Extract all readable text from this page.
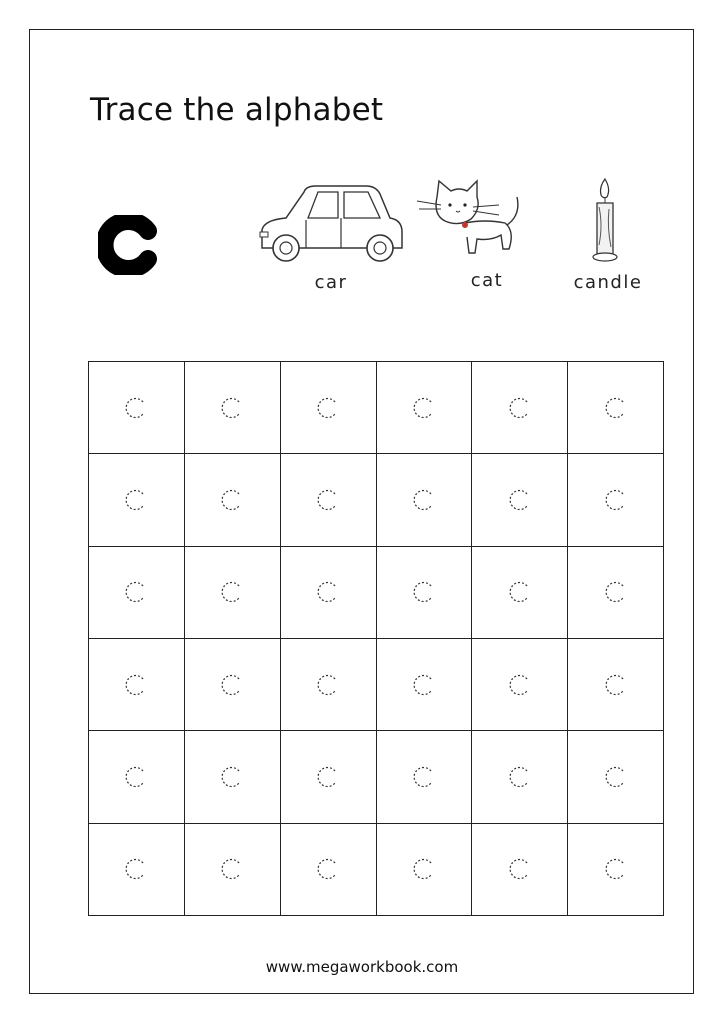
Trace the alphabet
car	cat	candle
www.megaworkbook.com
